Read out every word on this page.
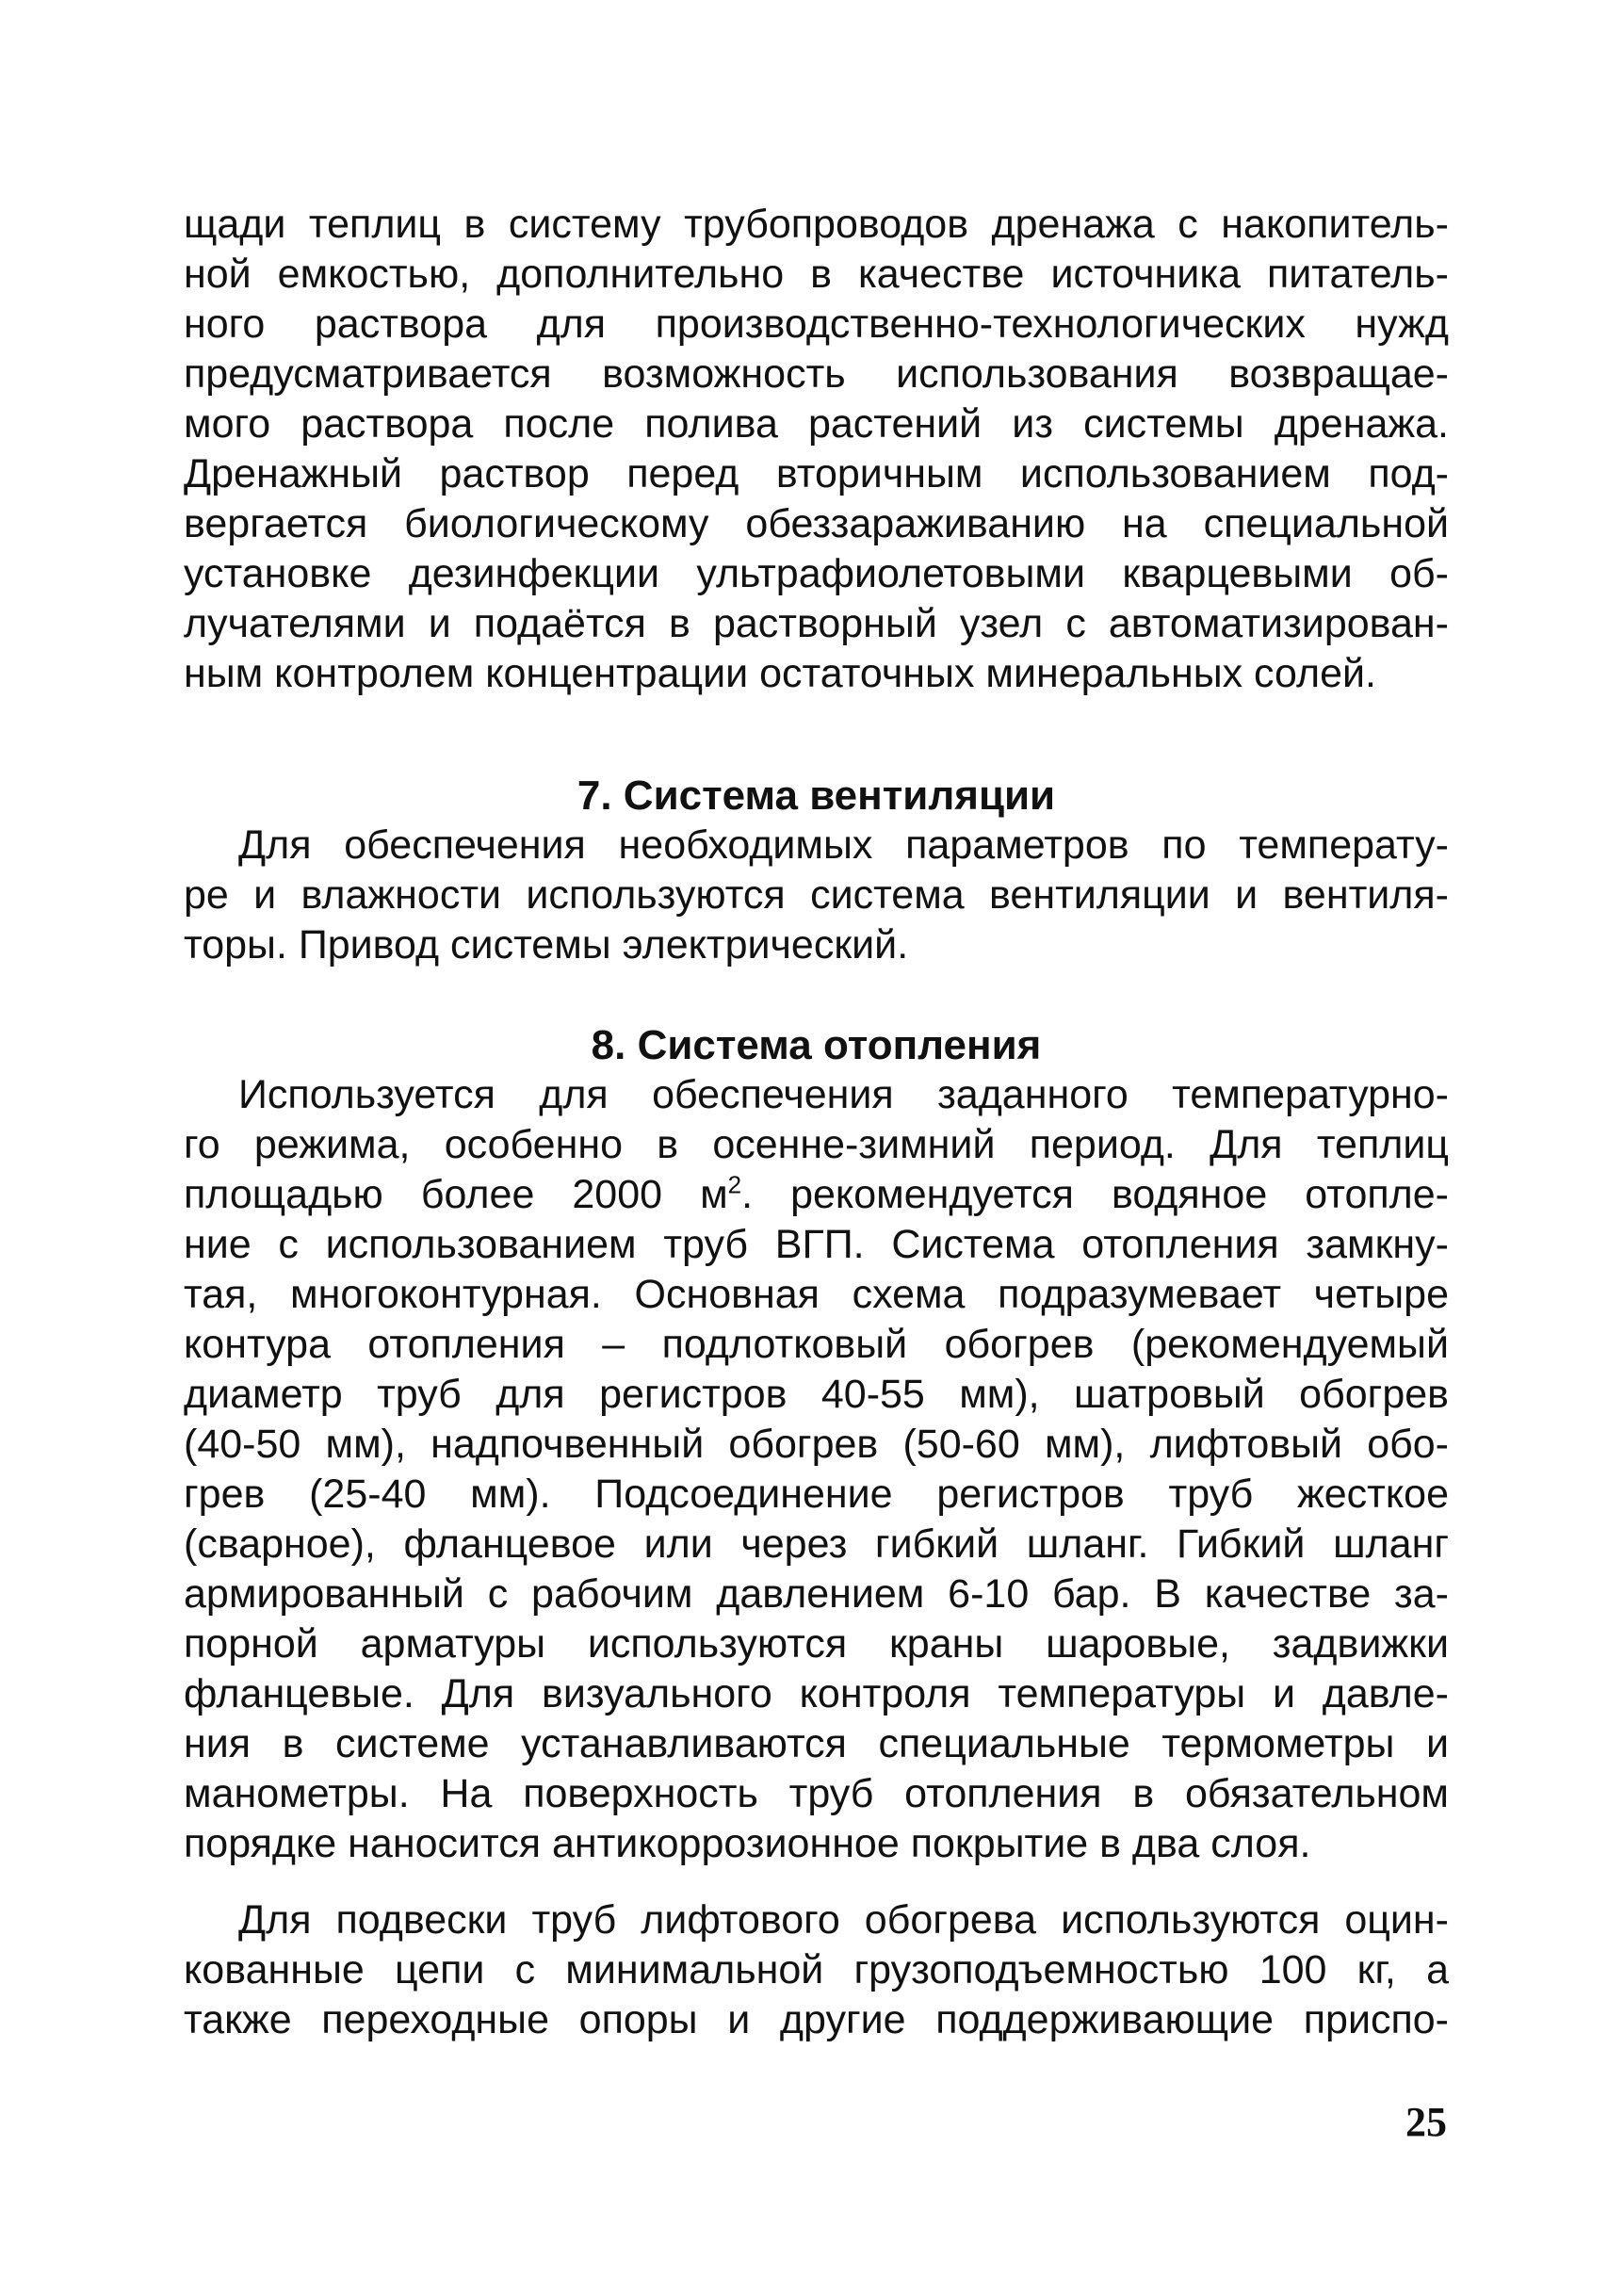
щади теплиц в систему трубопроводов дренажа с накопитель-
ной емкостью, дополнительно в качестве источника питатель-
ного раствора для производственно-технологических нужд
предусматривается возможность использования возвращае-
мого раствора после полива растений из системы дренажа.
Дренажный раствор перед вторичным использованием под-
вергается биологическому обеззараживанию на специальной
установке дезинфекции ультрафиолетовыми кварцевыми об-
лучателями и подаётся в растворный узел с автоматизирован-
ным контролем концентрации остаточных минеральных солей.
7. Система вентиляции
Для обеспечения необходимых параметров по температу-
ре и влажности используются система вентиляции и вентиля-
торы. Привод системы электрический.
8. Система отопления
Используется для обеспечения заданного температурно-
го режима, особенно в осенне-зимний период. Для теплиц
площадью более 2000 $м^2$. рекомендуется водяное отопле-
ние с использованием труб ВГП. Система отопления замкну-
тая, многоконтурная. Основная схема подразумевает четыре
контура отопления – подлотковый обогрев (рекомендуемый
диаметр труб для регистров 40-55 мм), шатровый обогрев
(40-50 мм), надпочвенный обогрев (50-60 мм), лифтовый обо-
грев (25-40 мм). Подсоединение регистров труб жесткое
(сварное), фланцевое или через гибкий шланг. Гибкий шланг
армированный с рабочим давлением 6-10 бар. В качестве за-
порной арматуры используются краны шаровые, задвижки
фланцевые. Для визуального контроля температуры и давле-
ния в системе устанавливаются специальные термометры и
манометры. На поверхность труб отопления в обязательном
порядке наносится антикоррозионное покрытие в два слоя.
Для подвески труб лифтового обогрева используются оцин-
кованные цепи с минимальной грузоподъемностью 100 кг, а
также переходные опоры и другие поддерживающие приспо-
25
